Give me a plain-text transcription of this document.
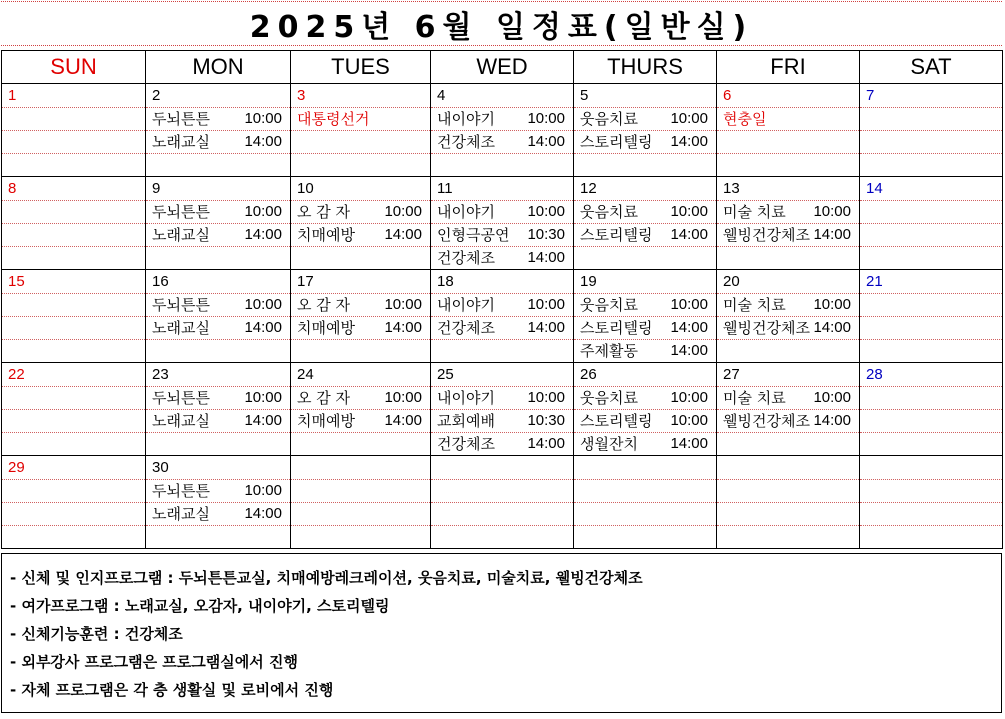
2025년 6월 일정표(일반실)
SUN	MON	TUES	WED	THURS	FRI	SAT
1	2	3	4	5	6	7

	두뇌튼튼 10:00	대통령선거	내이야기 10:00	웃음치료 10:00	현충일	

	노래교실 14:00		건강체조 14:00	스토리텔링 14:00		

8	9	10	11	12	13	14

	두뇌튼튼 10:00	오 감 자 10:00	내이야기 10:00	웃음치료 10:00	미술 치료 10:00	

	노래교실 14:00	치매예방 14:00	인형극공연 10:30	스토리텔링 14:00	웰빙건강체조 14:00	

			건강체조 14:00			

15	16	17	18	19	20	21

	두뇌튼튼 10:00	오 감 자 10:00	내이야기 10:00	웃음치료 10:00	미술 치료 10:00	

	노래교실 14:00	치매예방 14:00	건강체조 14:00	스토리텔링 14:00	웰빙건강체조 14:00	

				주제활동 14:00		

22	23	24	25	26	27	28

	두뇌튼튼 10:00	오 감 자 10:00	내이야기 10:00	웃음치료 10:00	미술 치료 10:00	

	노래교실 14:00	치매예방 14:00	교회예배 10:30	스토리텔링 10:00	웰빙건강체조 14:00	

			건강체조 14:00	생월잔치 14:00		

29	30					

	두뇌튼튼 10:00					

	노래교실 14:00					

- 신체 및 인지프로그램 : 두뇌튼튼교실, 치매예방레크레이션, 웃음치료, 미술치료, 웰빙건강체조

- 여가프로그램 : 노래교실, 오감자, 내이야기, 스토리텔링

- 신체기능훈련 : 건강체조

- 외부강사 프로그램은 프로그램실에서 진행

- 자체 프로그램은 각 층 생활실 및 로비에서 진행
